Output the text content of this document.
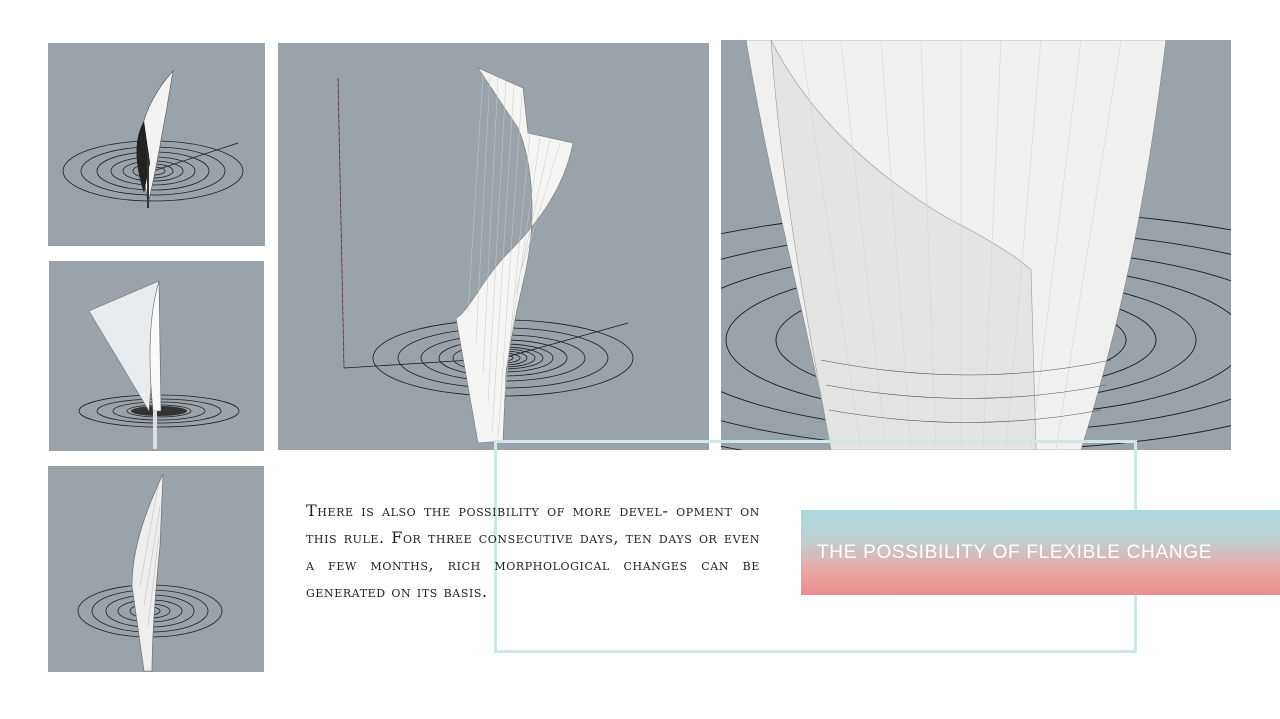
There is also the possibility of more devel- opment on this rule. For three consecutive days, ten days or even a few months, rich morphological changes can be generated on its basis.

THE POSSIBILITY OF FLEXIBLE CHANGE
